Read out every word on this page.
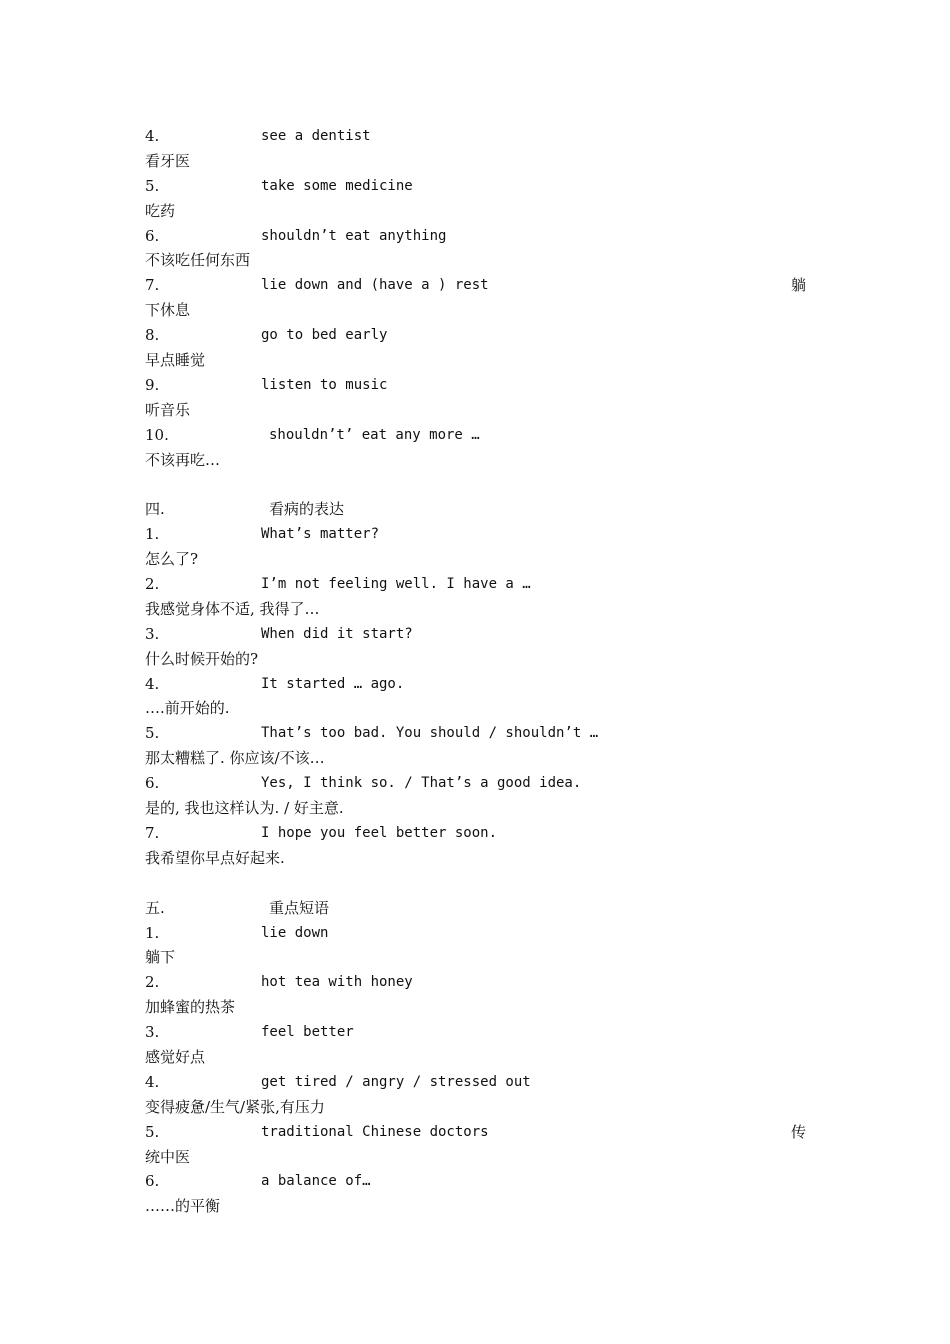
4.	see a dentist
看牙医
5.	take some medicine
吃药
6.	shouldn’t eat anything
不该吃任何东西
7.	lie down and (have a ) rest	躺
下休息
8.	go to bed early
早点睡觉
9.	listen to music
听音乐
10.	shouldn’t’ eat any more …
不该再吃…
四.	看病的表达
1.	What’s matter?
怎么了?
2.	I’m not feeling well. I have a …
我感觉身体不适, 我得了…
3.	When did it start?
什么时候开始的?
4.	It started … ago.
….前开始的.
5.	That’s too bad. You should / shouldn’t …
那太糟糕了. 你应该/不该…
6.	Yes, I think so. / That’s a good idea.
是的, 我也这样认为. / 好主意.
7.	I hope you feel better soon.
我希望你早点好起来.
五.	重点短语
1.	lie down
躺下
2.	hot tea with honey
加蜂蜜的热茶
3.	feel better
感觉好点
4.	get tired / angry / stressed out
变得疲惫/生气/紧张,有压力
5.	traditional Chinese doctors	传
统中医
6.	a balance of…
……的平衡
